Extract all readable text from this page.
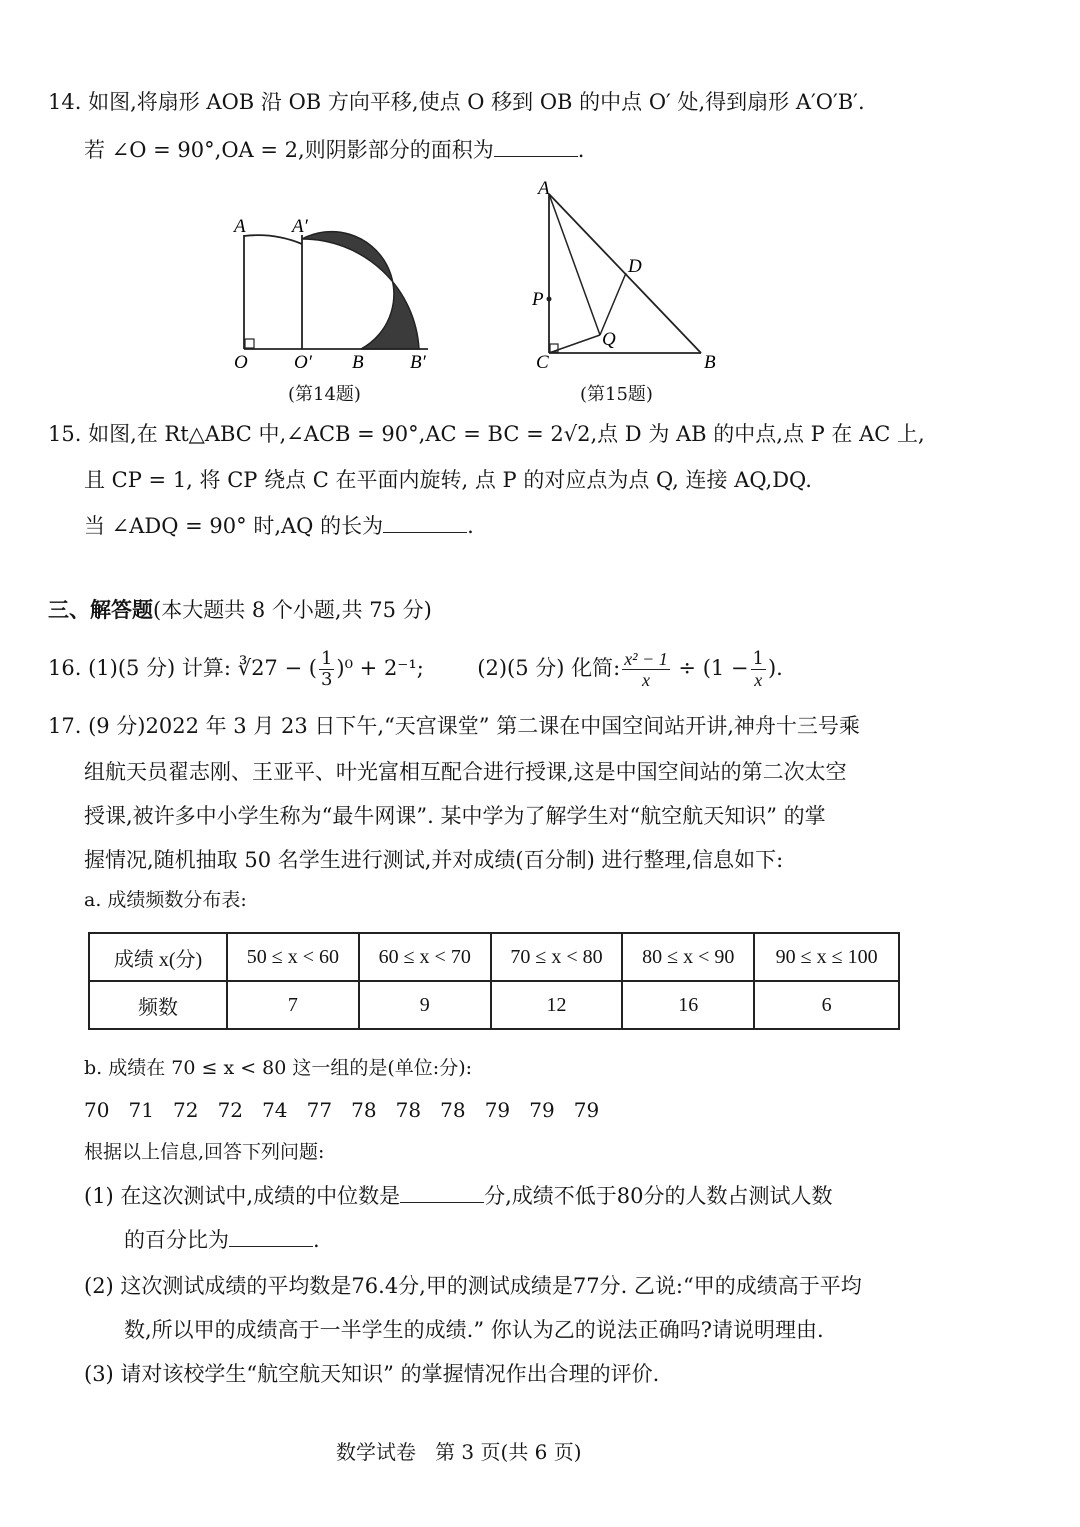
14. 如图,将扇形 AOB 沿 OB 方向平移,使点 O 移到 OB 的中点 O′ 处,得到扇形 A′O′B′.
若 ∠O = 90°,OA = 2,则阴影部分的面积为	.
A A′
O O′ B B′
(第14题)
A
D
P
Q
C	B
(第15题)
15. 如图,在 Rt△ABC 中,∠ACB = 90°,AC = BC = 2√2,点 D 为 AB 的中点,点 P 在 AC 上,
且 CP = 1, 将 CP 绕点 C 在平面内旋转, 点 P 的对应点为点 Q, 连接 AQ,DQ.
当 ∠ADQ = 90° 时,AQ 的长为	.
三、解答题(本大题共 8 个小题,共 75 分)
16. (1)(5 分) 计算: ∛27 − ( $\frac{1}{3} )^0 + 2^{-1}$;	(2)(5 分) 化简: $\frac{\text{x² − 1}}{x} \div (1 - \frac{1}{x}$ ).
17. (9 分)2022 年 3 月 23 日下午,“天宫课堂” 第二课在中国空间站开讲,神舟十三号乘
组航天员翟志刚、王亚平、叶光富相互配合进行授课,这是中国空间站的第二次太空
授课,被许多中小学生称为“最牛网课”. 某中学为了解学生对“航空航天知识” 的掌
握情况,随机抽取 50 名学生进行测试,并对成绩(百分制) 进行整理,信息如下:
a. 成绩频数分布表:
成绩 x(分)	50 ≤ x < 60	60 ≤ x < 70	70 ≤ x < 80	80 ≤ x < 90	90 ≤ x ≤ 100
频数	7	9	12	16	6
b. 成绩在 70 ≤ x < 80 这一组的是(单位:分):
70   71   72   72   74   77   78   78   78   79   79   79
根据以上信息,回答下列问题:
(1) 在这次测试中,成绩的中位数是	分,成绩不低于80分的人数占测试人数
的百分比为	.
(2) 这次测试成绩的平均数是76.4分,甲的测试成绩是77分. 乙说:“甲的成绩高于平均
数,所以甲的成绩高于一半学生的成绩.” 你认为乙的说法正确吗?请说明理由.
(3) 请对该校学生“航空航天知识” 的掌握情况作出合理的评价.
数学试卷   第 3 页(共 6 页)
